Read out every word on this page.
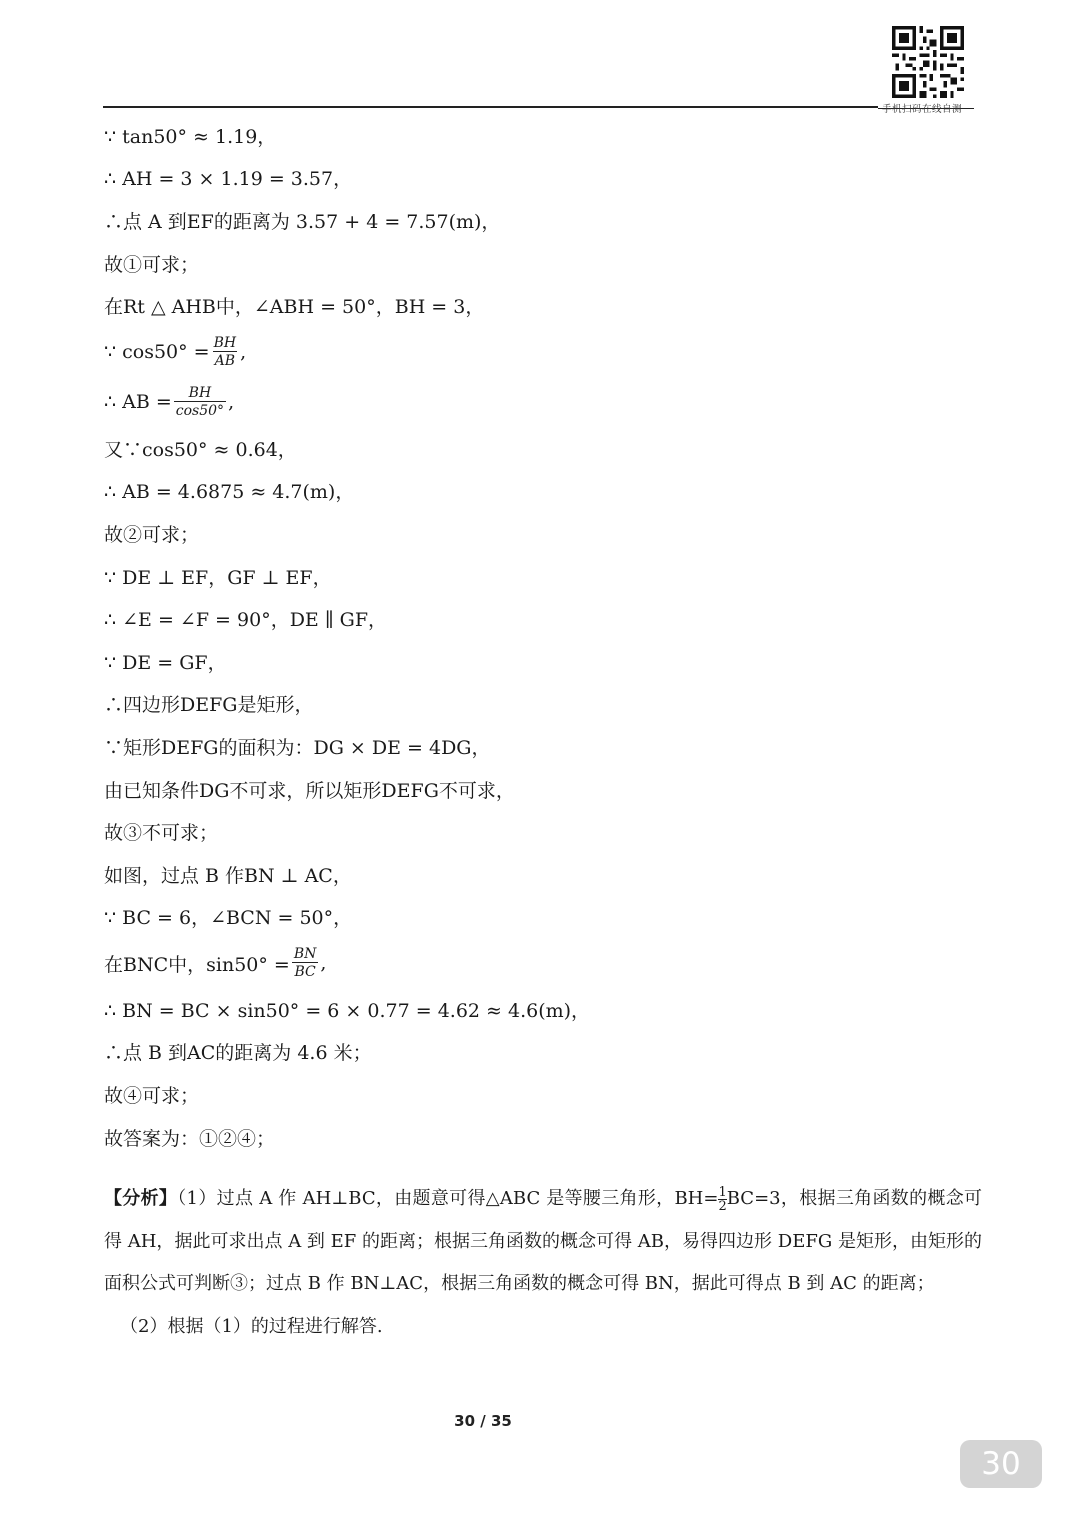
手机扫码在线自测
∵ tan50° ≈ 1.19，
∴ AH = 3 × 1.19 = 3.57，
∴点 A 到EF的距离为 3.57 + 4 = 7.57(m)，
故①可求；
在Rt △ AHB中，∠ABH = 50°，BH = 3，
∵ $\cos 50^\circ = \frac{BH}{AB}$ ,
∴ AB = $\frac{BH}{\cos 50^\circ}$ ,
又∵cos50° ≈ 0.64，
∴ AB = 4.6875 ≈ 4.7(m)，
故②可求；
∵ DE ⊥ EF，GF ⊥ EF，
∴ ∠E = ∠F = 90°，DE ∥ GF，
∵ DE = GF，
∴四边形DEFG是矩形，
∵矩形DEFG的面积为：DG × DE = 4DG，
由已知条件DG不可求，所以矩形DEFG不可求，
故③不可求；
如图，过点 B 作BN ⊥ AC，
∵ BC = 6，∠BCN = 50°，
在BNC中，$\sin 50^\circ = \frac{BN}{BC}$ ,
∴ BN = BC × sin50° = 6 × 0.77 = 4.62 ≈ 4.6(m)，
∴点 B 到AC的距离为 4.6 米；
故④可求；
故答案为：①②④；

【分析】（1）过点 A 作 AH⊥BC，由题意可得△ABC 是等腰三角形，$BH= \frac{1}{2} BC=3$，根据三角函数的概念可得 AH，据此可求出点 A 到 EF 的距离；根据三角函数的概念可得 AB，易得四边形 DEFG 是矩形，由矩形的面积公式可判断③；过点 B 作 BN⊥AC，根据三角函数的概念可得 BN，据此可得点 B 到 AC 的距离；

（2）根据（1）的过程进行解答.

30 / 35
30
